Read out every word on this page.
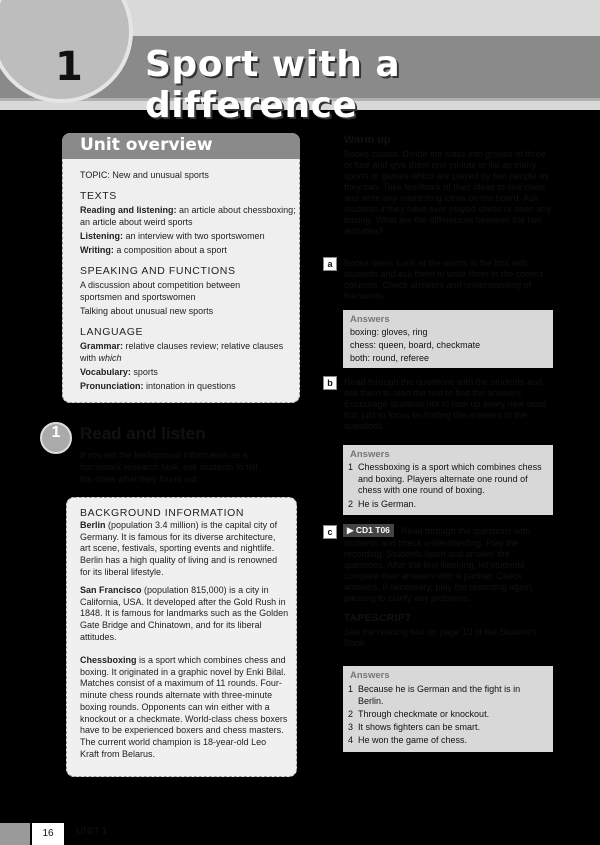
1 Sport with a difference
Unit overview
TOPIC: New and unusual sports
TEXTS
Reading and listening: an article about chessboxing;
an article about weird sports
Listening: an interview with two sportswomen
Writing: a composition about a sport
SPEAKING AND FUNCTIONS
A discussion about competition between
sportsmen and sportswomen
Talking about unusual new sports
LANGUAGE
Grammar: relative clauses review; relative clauses
with which
Vocabulary: sports
Pronunciation: intonation in questions
1	Read and listen
If you set the background information as a
homework research task, ask students to tell
the class what they found out.
BACKGROUND INFORMATION
Berlin (population 3.4 million) is the capital city of
Germany. It is famous for its diverse architecture,
art scene, festivals, sporting events and nightlife.
Berlin has a high quality of living and is renowned
for its liberal lifestyle.
San Francisco (population 815,000) is a city in
California, USA. It developed after the Gold Rush in
1848. It is famous for landmarks such as the Golden
Gate Bridge and Chinatown, and for its liberal
attitudes.
Chessboxing is a sport which combines chess and
boxing. It originated in a graphic novel by Enki Bilal.
Matches consist of a maximum of 11 rounds. Four-
minute chess rounds alternate with three-minute
boxing rounds. Opponents can win either with a
knockout or a checkmate. World-class chess boxers
have to be experienced boxers and chess masters.
The current world champion is 18-year-old Leo
Kraft from Belarus.
Warm up
Books closed. Divide the class into groups of three
or four and give them one minute to list as many
sports or games which are played by two people as
they can. Take feedback of their ideas to see class
and write any interesting ideas on the board. Ask
students if they have ever played chess or seen any
boxing. What are the differences between the two
activities?
a	Books open. Look at the words in the box with
students and ask them to write them in the correct
columns. Check answers and understanding of
the words.
Answers
boxing: gloves, ring
chess: queen, board, checkmate
both: round, referee
b	Read through the questions with the students and
ask them to read the text to find the answers.
Encourage students not to look up every new word
but, just to focus on finding the answers to the
questions.
Answers
1 Chessboxing is a sport which combines chess
and boxing. Players alternate one round of
chess with one round of boxing.
2 He is German.
c	▶ CD1 T06	Read through the questions with
students and check understanding. Play the
recording. Students listen and answer the
questions. After the first listening, let students
compare their answers with a partner. Check
answers. If necessary, play the recording again,
pausing to clarify any problems.
TAPESCRIPT
See the reading text on page 10 of the Student's
Book.
Answers
1 Because he is German and the fight is in
Berlin.
2 Through checkmate or knockout.
3 It shows fighters can be smart.
4 He won the game of chess.
16	UNIT 1
